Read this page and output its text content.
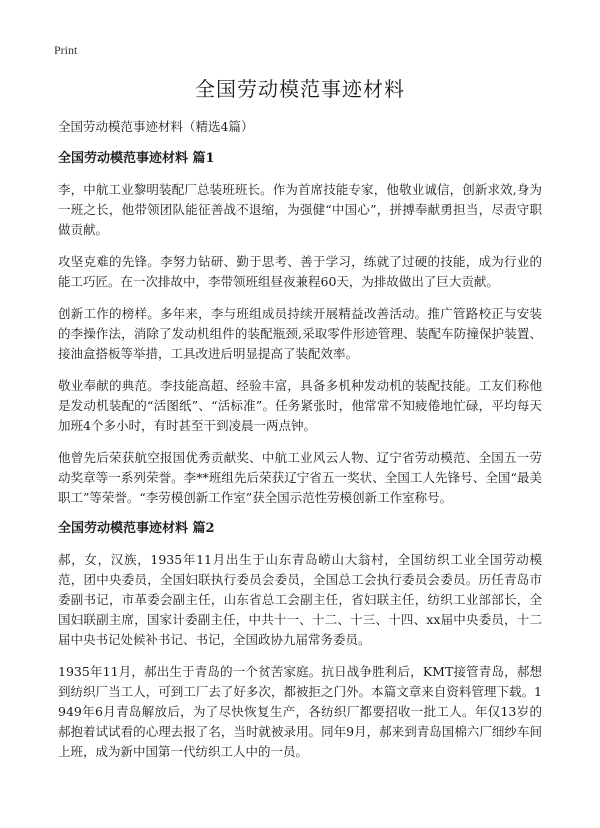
Print
全国劳动模范事迹材料

全国劳动模范事迹材料（精选4篇）

全国劳动模范事迹材料 篇1

李，中航工业黎明装配厂总装班班长。作为首席技能专家，他敬业诚信，创新求效,身为一班之长，他带领团队能征善战不退缩，为强健“中国心”，拼搏奉献勇担当，尽责守职做贡献。

攻坚克难的先锋。李努力钻研、勤于思考、善于学习，练就了过硬的技能，成为行业的能工巧匠。在一次排故中，李带领班组昼夜兼程60天，为排故做出了巨大贡献。

创新工作的榜样。多年来，李与班组成员持续开展精益改善活动。推广管路校正与安装的李操作法，消除了发动机组件的装配瓶颈,采取零件形迹管理、装配车防撞保护装置、接油盒搭板等举措，工具改进后明显提高了装配效率。

敬业奉献的典范。李技能高超、经验丰富，具备多机种发动机的装配技能。工友们称他是发动机装配的“活图纸”、“活标准”。任务紧张时，他常常不知疲倦地忙碌，平均每天加班4个多小时，有时甚至干到凌晨一两点钟。

他曾先后荣获航空报国优秀贡献奖、中航工业风云人物、辽宁省劳动模范、全国五一劳动奖章等一系列荣誉。李**班组先后荣获辽宁省五一奖状、全国工人先锋号、全国“最美职工”等荣誉。“李劳模创新工作室”获全国示范性劳模创新工作室称号。

全国劳动模范事迹材料 篇2

郝，女，汉族，1935年11月出生于山东青岛崂山大翁村，全国纺织工业全国劳动模范，团中央委员，全国妇联执行委员会委员，全国总工会执行委员会委员。历任青岛市委副书记，市革委会副主任，山东省总工会副主任，省妇联主任，纺织工业部部长，全国妇联副主席，国家计委副主任，中共十一、十二、十三、十四、xx届中央委员，十二届中央书记处候补书记、书记，全国政协九届常务委员。

1935年11月，郝出生于青岛的一个贫苦家庭。抗日战争胜利后，KMT接管青岛，郝想到纺织厂当工人，可到工厂去了好多次，都被拒之门外。本篇文章来自资料管理下载。1949年6月青岛解放后，为了尽快恢复生产，各纺织厂都要招收一批工人。年仅13岁的郝抱着试试看的心理去报了名，当时就被录用。同年9月，郝来到青岛国棉六厂细纱车间上班，成为新中国第一代纺织工人中的一员。
